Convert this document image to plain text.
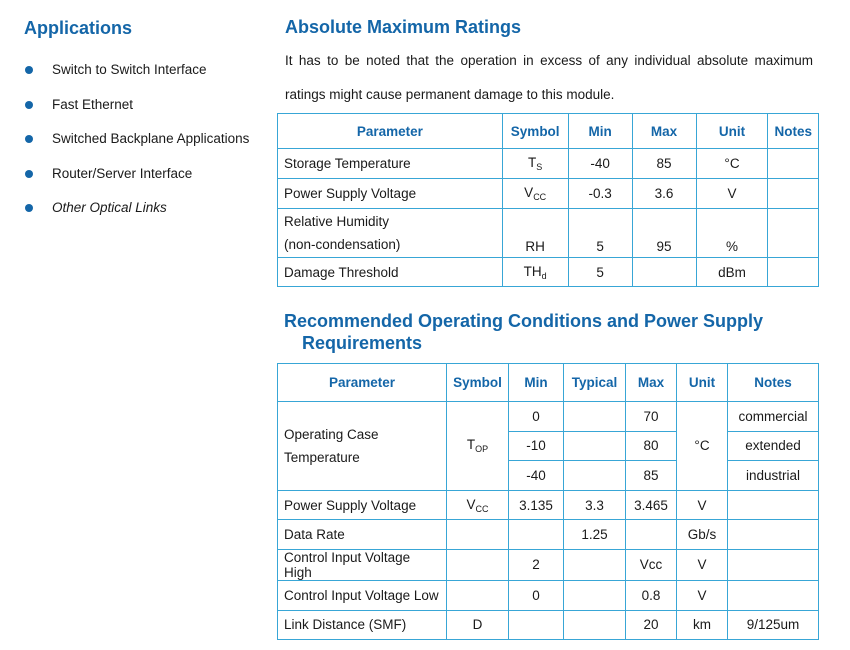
Applications
Switch to Switch Interface
Fast Ethernet
Switched Backplane Applications
Router/Server Interface
Other Optical Links
Absolute Maximum Ratings

It has to be noted that the operation in excess of any individual absolute maximum

ratings might cause permanent damage to this module.

Parameter	Symbol	Min	Max	Unit	Notes
Storage Temperature	$T_S$	-40	85	°C	
Power Supply Voltage	$V_{CC}$	-0.3	3.6	V	

Relative Humidity
(non-condensation)	RH	5	95	%	
Damage Threshold	$TH_d$	5		dBm	
Recommended Operating Conditions and Power Supply
Requirements
Parameter	Symbol	Min	Typical	Max	Unit	Notes

Operating Case
Temperature	$T_{OP}$	0		70	°C	commercial
		-10		80		extended
		-40		85		industrial
Power Supply Voltage	$V_{CC}$	3.135	3.3	3.465	V	
Data Rate			1.25		Gb/s	
Control Input Voltage High		2		Vcc	V	
Control Input Voltage Low		0		0.8	V	
Link Distance (SMF)	D			20	km	9/125um
